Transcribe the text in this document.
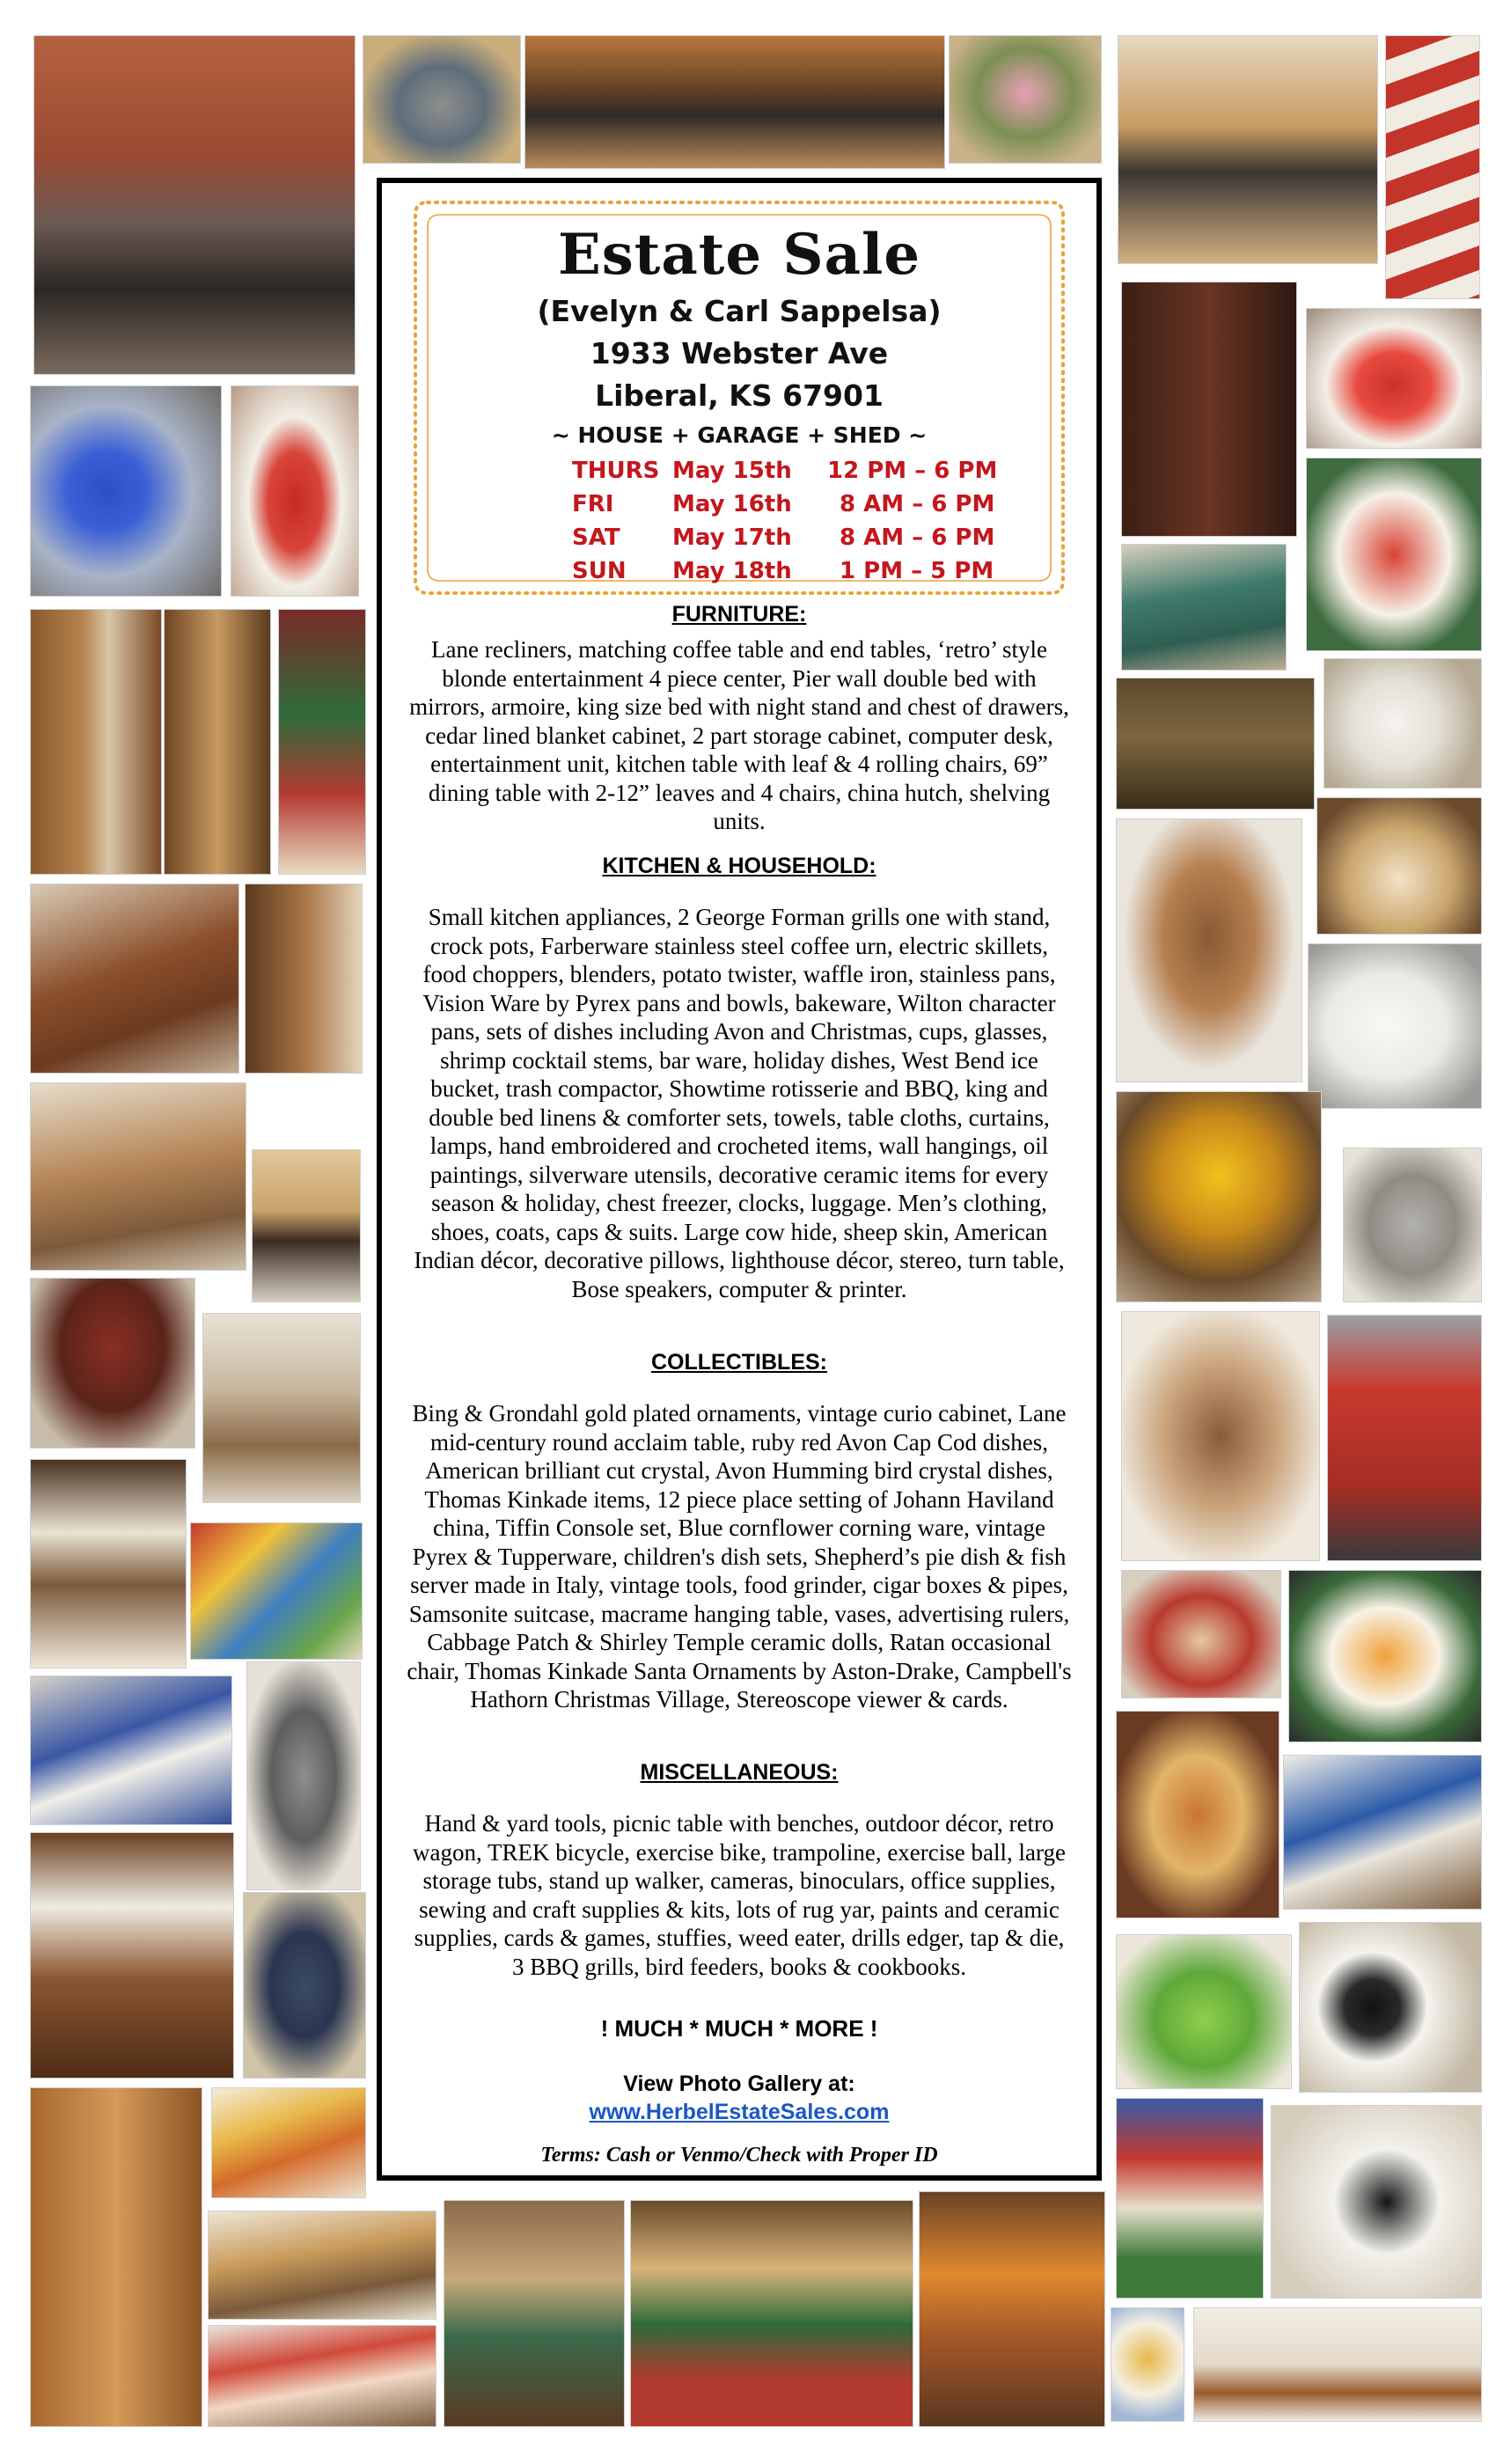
Estate Sale
(Evelyn & Carl Sappelsa)
1933 Webster Ave
Liberal, KS 67901
~ HOUSE + GARAGE + SHED ~
THURS May 15th 12 PM – 6 PM
FRI	May 16th 8 AM – 6 PM
SAT May 17th 8 AM – 6 PM
SUN May 18th 1 PM – 5 PM
FURNITURE:
Lane recliners, matching coffee table and end tables, ‘retro’ style blonde entertainment 4 piece center, Pier wall double bed with mirrors, armoire, king size bed with night stand and chest of drawers, cedar lined blanket cabinet, 2 part storage cabinet, computer desk, entertainment unit, kitchen table with leaf & 4 rolling chairs, 69” dining table with 2-12” leaves and 4 chairs, china hutch, shelving units.
KITCHEN & HOUSEHOLD:
Small kitchen appliances, 2 George Forman grills one with stand, crock pots, Farberware stainless steel coffee urn, electric skillets, food choppers, blenders, potato twister, waffle iron, stainless pans, Vision Ware by Pyrex pans and bowls, bakeware, Wilton character pans, sets of dishes including Avon and Christmas, cups, glasses, shrimp cocktail stems, bar ware, holiday dishes, West Bend ice bucket, trash compactor, Showtime rotisserie and BBQ, king and double bed linens & comforter sets, towels, table cloths, curtains, lamps, hand embroidered and crocheted items, wall hangings, oil paintings, silverware utensils, decorative ceramic items for every season & holiday, chest freezer, clocks, luggage. Men’s clothing, shoes, coats, caps & suits. Large cow hide, sheep skin, American Indian décor, decorative pillows, lighthouse décor, stereo, turn table, Bose speakers, computer & printer.
COLLECTIBLES:
Bing & Grondahl gold plated ornaments, vintage curio cabinet, Lane mid-century round acclaim table, ruby red Avon Cap Cod dishes, American brilliant cut crystal, Avon Humming bird crystal dishes, Thomas Kinkade items, 12 piece place setting of Johann Haviland china, Tiffin Console set, Blue cornflower corning ware, vintage Pyrex & Tupperware, children's dish sets, Shepherd’s pie dish & fish server made in Italy, vintage tools, food grinder, cigar boxes & pipes, Samsonite suitcase, macrame hanging table, vases, advertising rulers, Cabbage Patch & Shirley Temple ceramic dolls, Ratan occasional chair, Thomas Kinkade Santa Ornaments by Aston-Drake, Campbell's Hathorn Christmas Village, Stereoscope viewer & cards.
MISCELLANEOUS:
Hand & yard tools, picnic table with benches, outdoor décor, retro wagon, TREK bicycle, exercise bike, trampoline, exercise ball, large storage tubs, stand up walker, cameras, binoculars, office supplies, sewing and craft supplies & kits, lots of rug yar, paints and ceramic supplies, cards & games, stuffies, weed eater, drills edger, tap & die, 3 BBQ grills, bird feeders, books & cookbooks.
! MUCH * MUCH * MORE !
View Photo Gallery at:
www.HerbelEstateSales.com
Terms: Cash or Venmo/Check with Proper ID
